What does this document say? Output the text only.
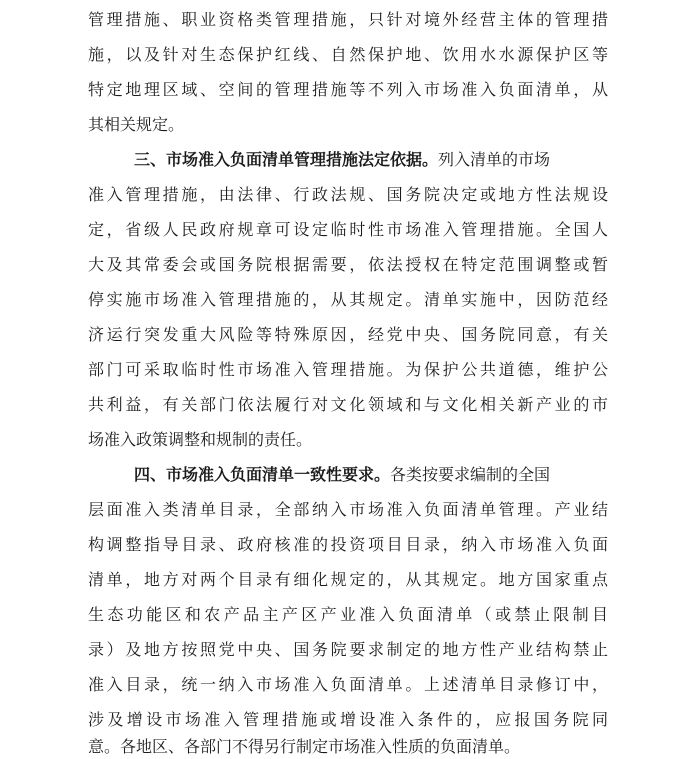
管理措施、职业资格类管理措施，只针对境外经营主体的管理措
施，以及针对生态保护红线、自然保护地、饮用水水源保护区等
特定地理区域、空间的管理措施等不列入市场准入负面清单，从
其相关规定。
三、市场准入负面清单管理措施法定依据。列入清单的市场
准入管理措施，由法律、行政法规、国务院决定或地方性法规设
定，省级人民政府规章可设定临时性市场准入管理措施。全国人
大及其常委会或国务院根据需要，依法授权在特定范围调整或暂
停实施市场准入管理措施的，从其规定。清单实施中，因防范经
济运行突发重大风险等特殊原因，经党中央、国务院同意，有关
部门可采取临时性市场准入管理措施。为保护公共道德，维护公
共利益，有关部门依法履行对文化领域和与文化相关新产业的市
场准入政策调整和规制的责任。
四、市场准入负面清单一致性要求。各类按要求编制的全国
层面准入类清单目录，全部纳入市场准入负面清单管理。产业结
构调整指导目录、政府核准的投资项目目录，纳入市场准入负面
清单，地方对两个目录有细化规定的，从其规定。地方国家重点
生态功能区和农产品主产区产业准入负面清单（或禁止限制目
录）及地方按照党中央、国务院要求制定的地方性产业结构禁止
准入目录，统一纳入市场准入负面清单。上述清单目录修订中，
涉及增设市场准入管理措施或增设准入条件的，应报国务院同
意。各地区、各部门不得另行制定市场准入性质的负面清单。
